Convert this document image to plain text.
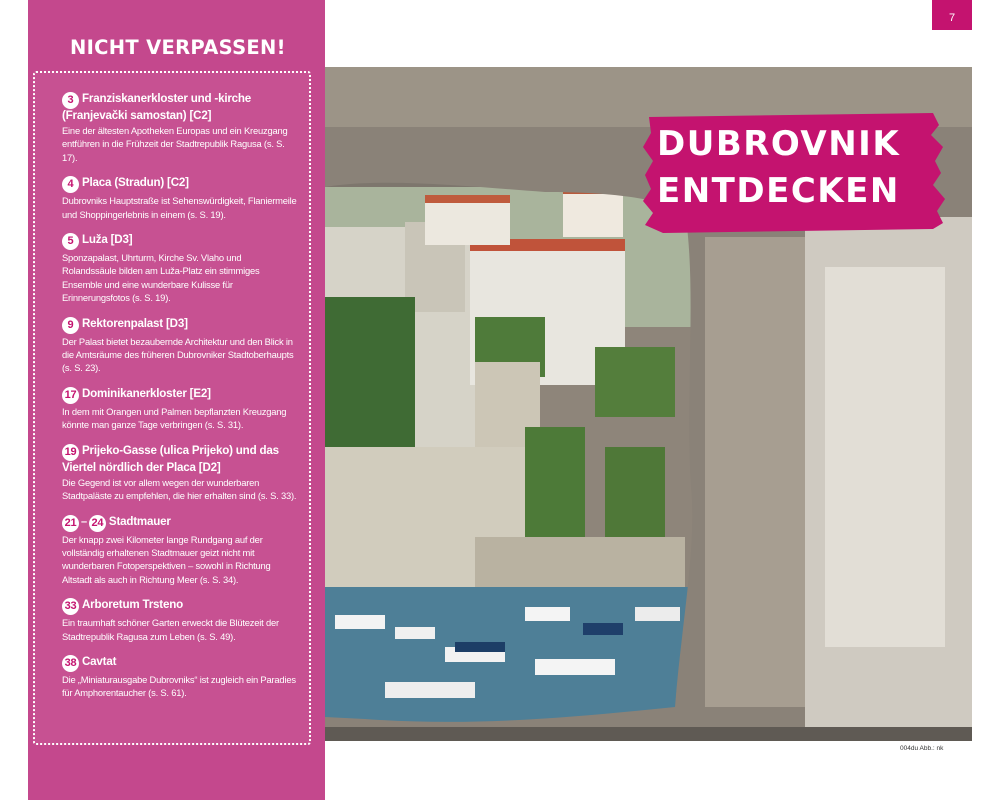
7
004du Abb.: nk
DUBROVNIK
ENTDECKEN
NICHT VERPASSEN!
3 Franziskanerkloster und -kirche (Franjevački samostan) [C2]
Eine der ältesten Apotheken Europas und ein Kreuzgang entführen in die Frühzeit der Stadtrepublik Ragusa (s. S. 17).
4 Placa (Stradun) [C2]
Dubrovniks Hauptstraße ist Sehenswürdigkeit, Flaniermeile und Shoppingerlebnis in einem (s. S. 19).
5 Luža [D3]
Sponzapalast, Uhrturm, Kirche Sv. Vlaho und Rolandssäule bilden am Luža-Platz ein stimmiges Ensemble und eine wunderbare Kulisse für Erinnerungsfotos (s. S. 19).
9 Rektorenpalast [D3]
Der Palast bietet bezaubernde Architektur und den Blick in die Amtsräume des früheren Dubrovniker Stadtoberhaupts (s. S. 23).
17 Dominikanerkloster [E2]
In dem mit Orangen und Palmen bepflanzten Kreuzgang könnte man ganze Tage verbringen (s. S. 31).
19 Prijeko-Gasse (ulica Prijeko) und das Viertel nördlich der Placa [D2]
Die Gegend ist vor allem wegen der wunderbaren Stadtpaläste zu empfehlen, die hier erhalten sind (s. S. 33).
21 – 24 Stadtmauer
Der knapp zwei Kilometer lange Rundgang auf der vollständig erhaltenen Stadtmauer geizt nicht mit wunderbaren Fotoperspektiven – sowohl in Richtung Altstadt als auch in Richtung Meer (s. S. 34).
33 Arboretum Trsteno
Ein traumhaft schöner Garten erweckt die Blütezeit der Stadtrepublik Ragusa zum Leben (s. S. 49).
38 Cavtat
Die „Miniaturausgabe Dubrovniks“ ist zugleich ein Paradies für Amphorentaucher (s. S. 61).
